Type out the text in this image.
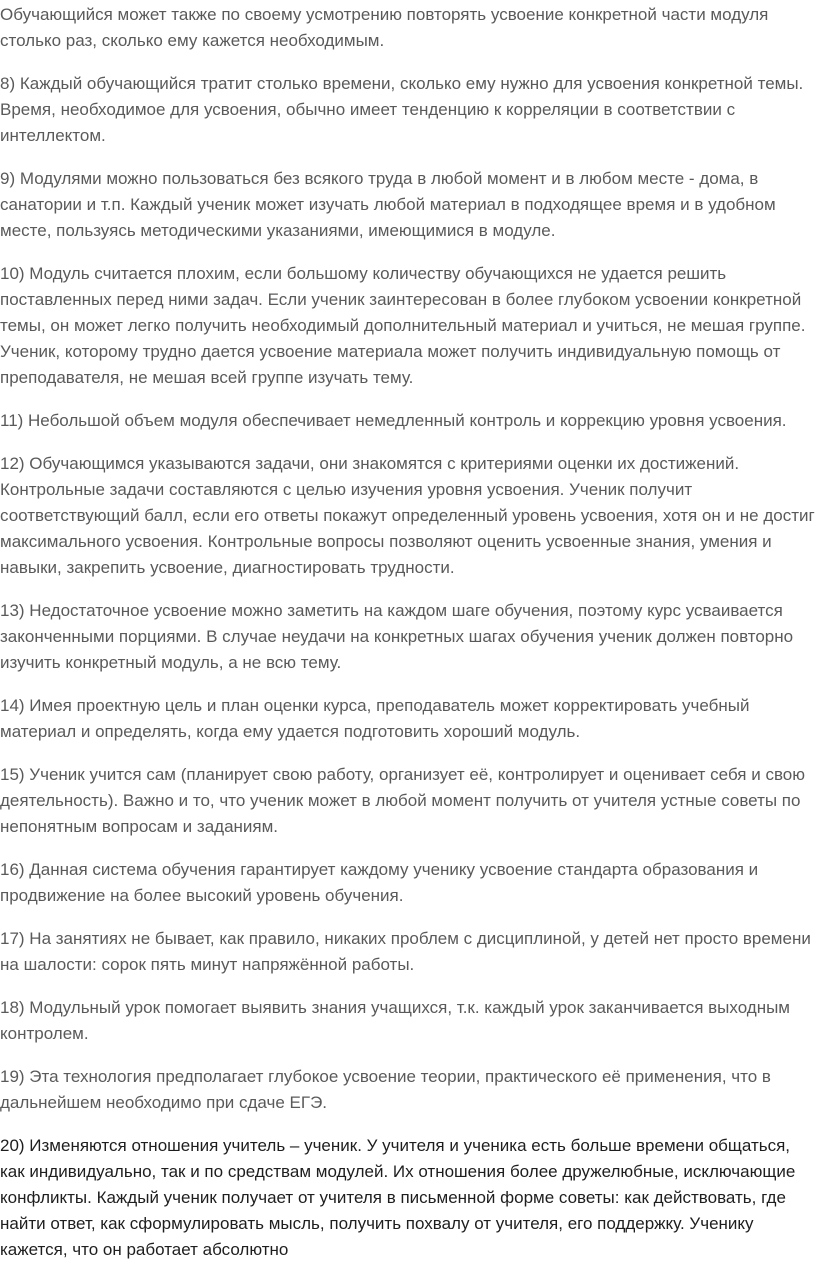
Обучающийся может также по своему усмотрению повторять усвоение конкретной части модуля столько раз, сколько ему кажется необходимым.

8) Каждый обучающийся тратит столько времени, сколько ему нужно для усвоения конкретной темы. Время, необходимое для усвоения, обычно имеет тенденцию к корреляции в соответствии с интеллектом.

9) Модулями можно пользоваться без всякого труда в любой момент и в любом месте - дома, в санатории и т.п. Каждый ученик может изучать любой материал в подходящее время и в удобном месте, пользуясь методическими указаниями, имеющимися в модуле.

10) Модуль считается плохим, если большому количеству обучающихся не удается решить поставленных перед ними задач. Если ученик заинтересован в более глубоком усвоении конкретной темы, он может легко получить необходимый дополнительный материал и учиться, не мешая группе. Ученик, которому трудно дается усвоение материала может получить индивидуальную помощь от преподавателя, не мешая всей группе изучать тему.

11) Небольшой объем модуля обеспечивает немедленный контроль и коррекцию уровня усвоения.

12) Обучающимся указываются задачи, они знакомятся с критериями оценки их достижений. Контрольные задачи составляются с целью изучения уровня усвоения. Ученик получит соответствующий балл, если его ответы покажут определенный уровень усвоения, хотя он и не достиг максимального усвоения. Контрольные вопросы позволяют оценить усвоенные знания, умения и навыки, закрепить усвоение, диагностировать трудности.

13) Недостаточное усвоение можно заметить на каждом шаге обучения, поэтому курс усваивается законченными порциями. В случае неудачи на конкретных шагах обучения ученик должен повторно изучить конкретный модуль, а не всю тему.

14) Имея проектную цель и план оценки курса, преподаватель может корректировать учебный материал и определять, когда ему удается подготовить хороший модуль.

15) Ученик учится сам (планирует свою работу, организует её, контролирует и оценивает себя и свою деятельность). Важно и то, что ученик может в любой момент получить от учителя устные советы по непонятным вопросам и заданиям.

16) Данная система обучения гарантирует каждому ученику усвоение стандарта образования и продвижение на более высокий уровень обучения.

17) На занятиях не бывает, как правило, никаких проблем с дисциплиной, у детей нет просто времени на шалости: сорок пять минут напряжённой работы.

18) Модульный урок помогает выявить знания учащихся, т.к. каждый урок заканчивается выходным контролем.

19) Эта технология предполагает глубокое усвоение теории, практического её применения, что в дальнейшем необходимо при сдаче ЕГЭ.

20) Изменяются отношения учитель – ученик. У учителя и ученика есть больше времени общаться, как индивидуально, так и по средствам модулей. Их отношения более дружелюбные, исключающие конфликты. Каждый ученик получает от учителя в письменной форме советы: как действовать, где найти ответ, как сформулировать мысль, получить похвалу от учителя, его поддержку. Ученику кажется, что он работает абсолютно
